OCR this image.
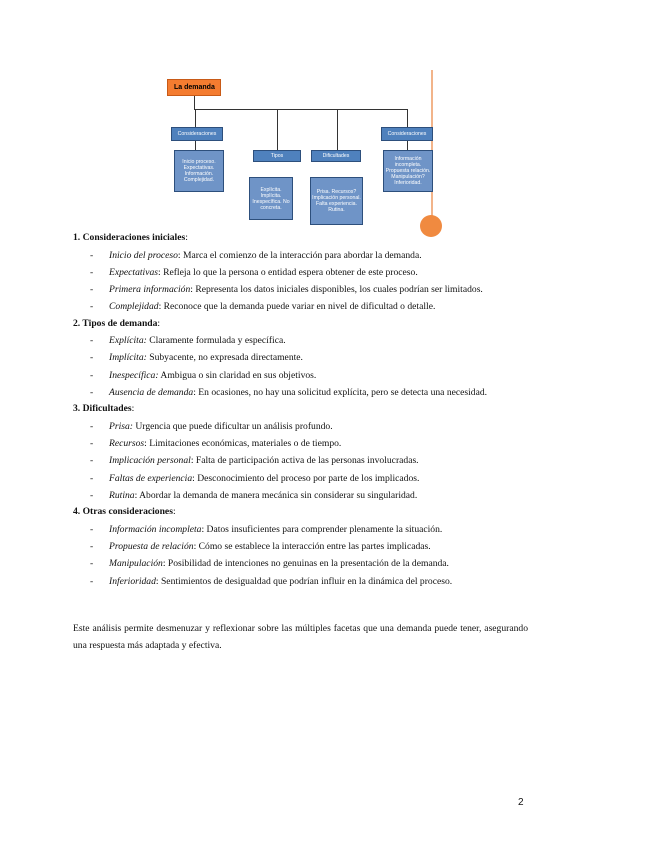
La demanda
Consideraciones
Tipos	Dificultades
Consideraciones
Inicio proceso. Expectativas. Información. Complejidad.
Explícita. Implícita. Inespecífica. No concreta.
Prisa. Recursos? Implicación personal. Falta experiencia. Rutina.
Información incompleta. Propuesta relación. Manipulación? Inferioridad.

1. Consideraciones iniciales:

- Inicio del proceso: Marca el comienzo de la interacción para abordar la demanda.
- Expectativas: Refleja lo que la persona o entidad espera obtener de este proceso.
- Primera información: Representa los datos iniciales disponibles, los cuales podrían ser limitados.
- Complejidad: Reconoce que la demanda puede variar en nivel de dificultad o detalle.

2. Tipos de demanda:

- Explícita: Claramente formulada y específica.
- Implícita: Subyacente, no expresada directamente.
- Inespecífica: Ambigua o sin claridad en sus objetivos.
- Ausencia de demanda: En ocasiones, no hay una solicitud explícita, pero se detecta una necesidad.

3. Dificultades:

- Prisa: Urgencia que puede dificultar un análisis profundo.
- Recursos: Limitaciones económicas, materiales o de tiempo.
- Implicación personal: Falta de participación activa de las personas involucradas.
- Faltas de experiencia: Desconocimiento del proceso por parte de los implicados.
- Rutina: Abordar la demanda de manera mecánica sin considerar su singularidad.

4. Otras consideraciones:

- Información incompleta: Datos insuficientes para comprender plenamente la situación.
- Propuesta de relación: Cómo se establece la interacción entre las partes implicadas.
- Manipulación: Posibilidad de intenciones no genuinas en la presentación de la demanda.
- Inferioridad: Sentimientos de desigualdad que podrían influir en la dinámica del proceso.

Este análisis permite desmenuzar y reflexionar sobre las múltiples facetas que una demanda puede tener, asegurando una respuesta más adaptada y efectiva.

2
